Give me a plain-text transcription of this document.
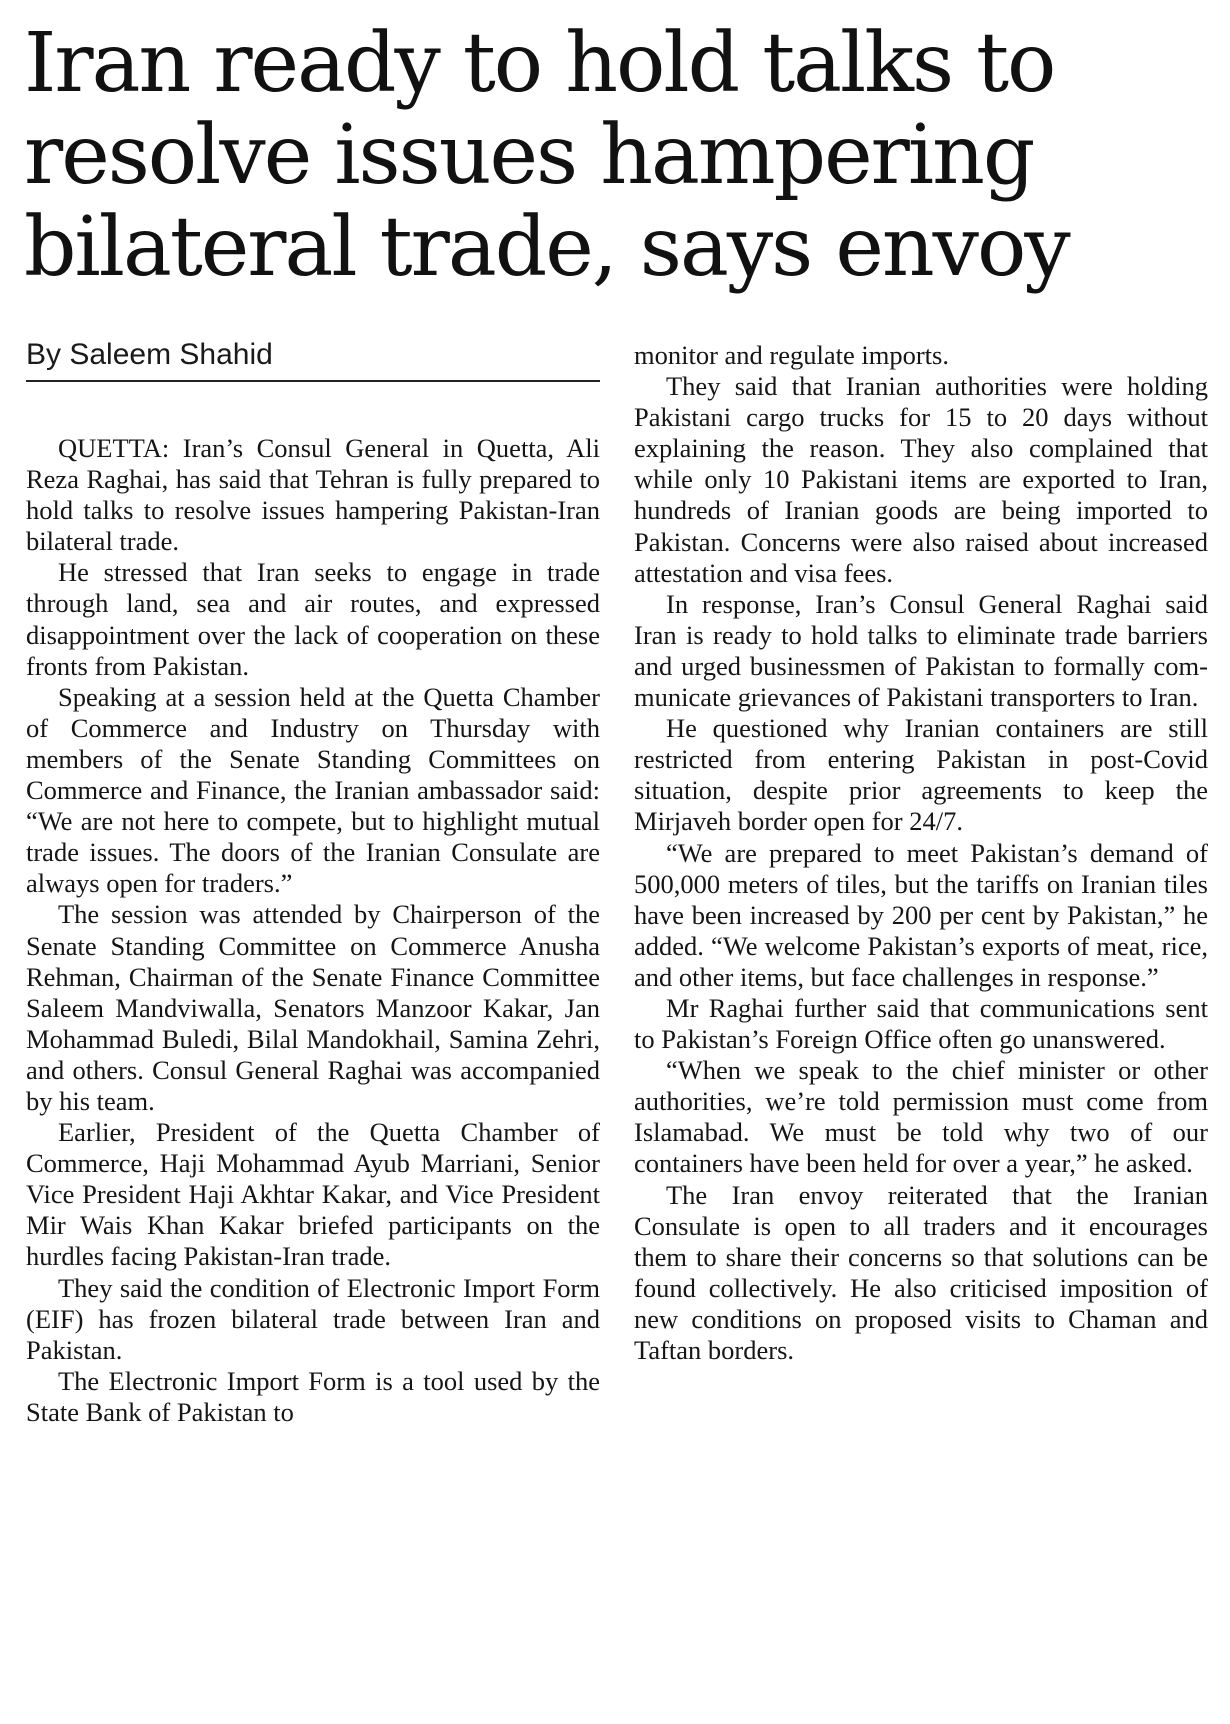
Iran ready to hold talks to
resolve issues hampering
bilateral trade, says envoy
By Saleem Shahid

QUETTA: Iran’s Consul General in Quetta, Ali Reza Raghai, has said that Tehran is fully prepared to hold talks to resolve issues hampering Pakistan-Iran bilateral trade.

He stressed that Iran seeks to engage in trade through land, sea and air routes, and expressed disappointment over the lack of cooperation on these fronts from Pakistan.

Speaking at a session held at the Quetta Chamber of Commerce and Industry on Thursday with members of the Senate Standing Committees on Commerce and Finance, the Iranian ambassador said: “We are not here to compete, but to highlight mutual trade issues. The doors of the Iranian Consulate are always open for traders.”

The session was attended by Chairperson of the Senate Standing Committee on Commerce Anusha Rehman, Chairman of the Senate Finance Committee Saleem Mandviwalla, Senators Manzoor Kakar, Jan Mohammad Buledi, Bilal Mandokhail, Samina Zehri, and others. Consul General Raghai was accompanied by his team.

Earlier, President of the Quetta Chamber of Commerce, Haji Mohammad Ayub Marriani, Senior Vice President Haji Akhtar Kakar, and Vice President Mir Wais Khan Kakar briefed participants on the hurdles facing Pakistan-Iran trade.

They said the condition of Electronic Import Form (EIF) has frozen bilateral trade between Iran and Pakistan.

The Electronic Import Form is a tool used by the State Bank of Pakistan to

monitor and regulate imports.

They said that Iranian authorities were holding Pakistani cargo trucks for 15 to 20 days without explaining the reason. They also complained that while only 10 Pakistani items are exported to Iran, hundreds of Iranian goods are being imported to Pakistan. Concerns were also raised about increased attestation and visa fees.

In response, Iran’s Consul General Raghai said Iran is ready to hold talks to eliminate trade barriers and urged businessmen of Pakistan to formally communicate grievances of Pakistani transporters to Iran.

He questioned why Iranian containers are still restricted from entering Pakistan in post-Covid situation, despite prior agreements to keep the Mirjaveh border open for 24/7.

“We are prepared to meet Pakistan’s demand of 500,000 meters of tiles, but the tariffs on Iranian tiles have been increased by 200 per cent by Pakistan,” he added. “We welcome Pakistan’s exports of meat, rice, and other items, but face challenges in response.”

Mr Raghai further said that communications sent to Pakistan’s Foreign Office often go unanswered.

“When we speak to the chief minister or other authorities, we’re told permission must come from Islamabad. We must be told why two of our containers have been held for over a year,” he asked.

The Iran envoy reiterated that the Iranian Consulate is open to all traders and it encourages them to share their concerns so that solutions can be found collectively. He also criticised imposition of new conditions on proposed visits to Chaman and Taftan borders.
